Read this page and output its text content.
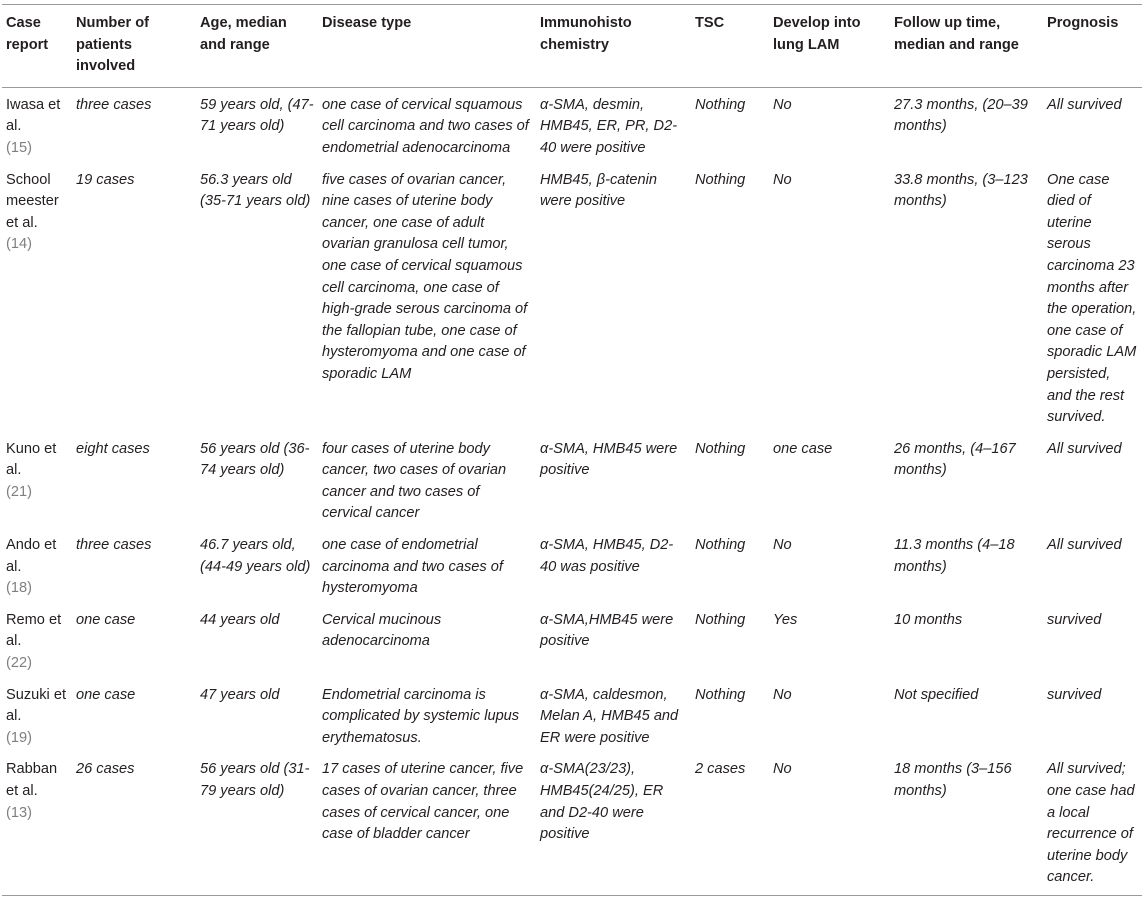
Case report	Number of patients involved	Age, median and range	Disease type	Immunohisto chemistry	TSC	Develop into lung LAM	Follow up time, median and range	Prognosis
Iwasa et al.
(15)	three cases	59 years old, (47-71 years old)	one case of cervical squamous cell carcinoma and two cases of endometrial adenocarcinoma	α-SMA, desmin, HMB45, ER, PR, D2-40 were positive	Nothing	No	27.3 months, (20–39 months)	All survived
School meester et al.
(14)	19 cases	56.3 years old (35-71 years old)	five cases of ovarian cancer, nine cases of uterine body cancer, one case of adult ovarian granulosa cell tumor, one case of cervical squamous cell carcinoma, one case of high-grade serous carcinoma of the fallopian tube, one case of hysteromyoma and one case of sporadic LAM	HMB45, β-catenin were positive	Nothing	No	33.8 months, (3–123 months)	One case died of uterine serous carcinoma 23 months after the operation, one case of sporadic LAM persisted, and the rest survived.
Kuno et al.
(21)	eight cases	56 years old (36-74 years old)	four cases of uterine body cancer, two cases of ovarian cancer and two cases of cervical cancer	α-SMA, HMB45 were positive	Nothing	one case	26 months, (4–167 months)	All survived
Ando et al.
(18)	three cases	46.7 years old, (44-49 years old)	one case of endometrial carcinoma and two cases of hysteromyoma	α-SMA, HMB45, D2-40 was positive	Nothing	No	11.3 months (4–18 months)	All survived
Remo et al.
(22)	one case	44 years old	Cervical mucinous adenocarcinoma	α-SMA,HMB45 were positive	Nothing	Yes	10 months	survived
Suzuki et al.
(19)	one case	47 years old	Endometrial carcinoma is complicated by systemic lupus erythematosus.	α-SMA, caldesmon, Melan A, HMB45 and ER were positive	Nothing	No	Not specified	survived
Rabban et al.
(13)	26 cases	56 years old (31-79 years old)	17 cases of uterine cancer, five cases of ovarian cancer, three cases of cervical cancer, one case of bladder cancer	α-SMA(23/23), HMB45(24/25), ER and D2-40 were positive	2 cases	No	18 months (3–156 months)	All survived; one case had a local recurrence of uterine body cancer.
